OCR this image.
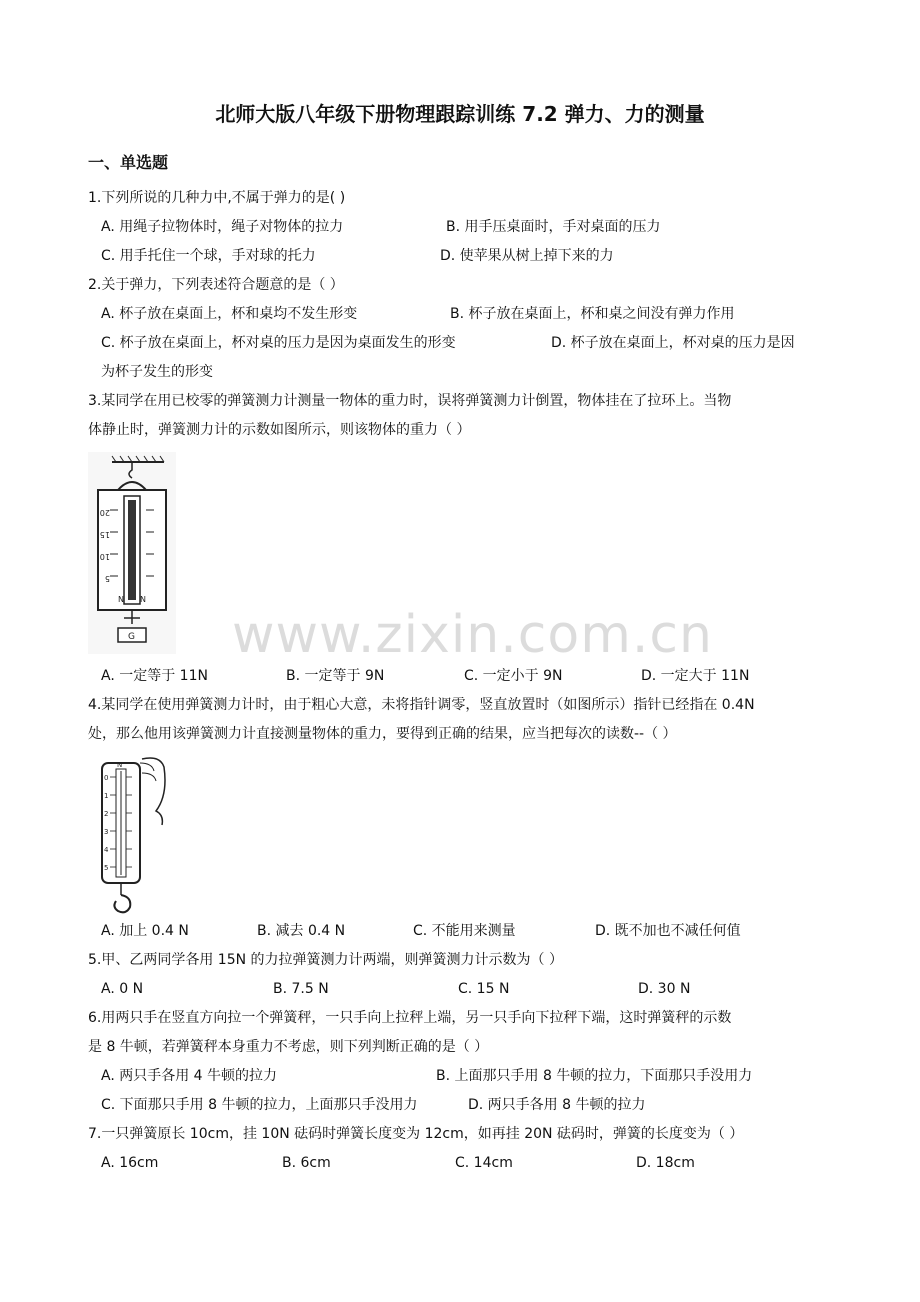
北师大版八年级下册物理跟踪训练 7.2 弹力、力的测量
一、单选题
1.下列所说的几种力中,不属于弹力的是( )
A. 用绳子拉物体时，绳子对物体的拉力	B. 用手压桌面时，手对桌面的压力
C. 用手托住一个球，手对球的托力	D. 使苹果从树上掉下来的力
2.关于弹力，下列表述符合题意的是（ ）
A. 杯子放在桌面上，杯和桌均不发生形变	B. 杯子放在桌面上，杯和桌之间没有弹力作用
C. 杯子放在桌面上，杯对桌的压力是因为桌面发生的形变	D. 杯子放在桌面上，杯对桌的压力是因
为杯子发生的形变
3.某同学在用已校零的弹簧测力计测量一物体的重力时，误将弹簧测力计倒置，物体挂在了拉环上。当物
体静止时，弹簧测力计的示数如图所示，则该物体的重力（ ）
20
15
10
5
N N
G
A. 一定等于 11N	B. 一定等于 9N	C. 一定小于 9N	D. 一定大于 11N
4.某同学在使用弹簧测力计时，由于粗心大意，未将指针调零，竖直放置时（如图所示）指针已经指在 0.4N
处，那么他用该弹簧测力计直接测量物体的重力，要得到正确的结果，应当把每次的读数--（ ）
N
0
1
2
3
4
5
A. 加上 0.4 N	B. 减去 0.4 N	C. 不能用来测量	D. 既不加也不减任何值
5.甲、乙两同学各用 15N 的力拉弹簧测力计两端，则弹簧测力计示数为（ ）
A. 0 N	B. 7.5 N	C. 15 N	D. 30 N
6.用两只手在竖直方向拉一个弹簧秤，一只手向上拉秤上端，另一只手向下拉秤下端，这时弹簧秤的示数
是 8 牛顿，若弹簧秤本身重力不考虑，则下列判断正确的是（ ）
A. 两只手各用 4 牛顿的拉力	B. 上面那只手用 8 牛顿的拉力，下面那只手没用力
C. 下面那只手用 8 牛顿的拉力，上面那只手没用力	D. 两只手各用 8 牛顿的拉力
7.一只弹簧原长 10cm，挂 10N 砝码时弹簧长度变为 12cm，如再挂 20N 砝码时，弹簧的长度变为（ ）
A. 16cm	B. 6cm	C. 14cm	D. 18cm
www.zixin.com.cn
